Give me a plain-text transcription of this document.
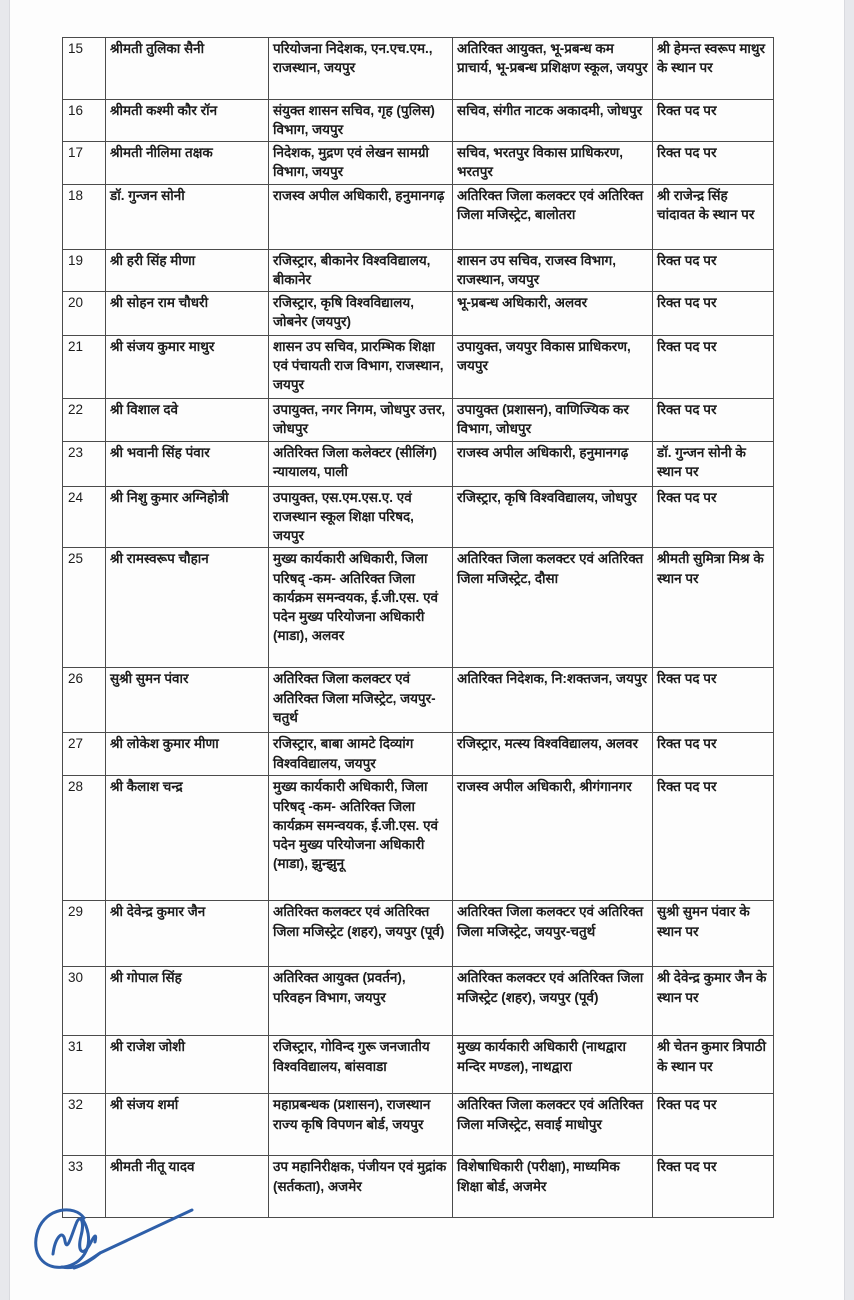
15	श्रीमती तुलिका सैनी	परियोजना निदेशक, एन.एच.एम., राजस्थान, जयपुर	अतिरिक्त आयुक्त, भू-प्रबन्ध कम प्राचार्य, भू-प्रबन्ध प्रशिक्षण स्कूल, जयपुर	श्री हेमन्त स्वरूप माथुर के स्थान पर
16	श्रीमती कश्मी कौर रॉन	संयुक्त शासन सचिव, गृह (पुलिस) विभाग, जयपुर	सचिव, संगीत नाटक अकादमी, जोधपुर	रिक्त पद पर
17	श्रीमती नीलिमा तक्षक	निदेशक, मुद्रण एवं लेखन सामग्री विभाग, जयपुर	सचिव, भरतपुर विकास प्राधिकरण, भरतपुर	रिक्त पद पर
18	डॉ. गुन्जन सोनी	राजस्व अपील अधिकारी, हनुमानगढ़	अतिरिक्त जिला कलक्टर एवं अतिरिक्त जिला मजिस्ट्रेट, बालोतरा	श्री राजेन्द्र सिंह चांदावत के स्थान पर
19	श्री हरी सिंह मीणा	रजिस्ट्रार, बीकानेर विश्वविद्यालय, बीकानेर	शासन उप सचिव, राजस्व विभाग, राजस्थान, जयपुर	रिक्त पद पर
20	श्री सोहन राम चौधरी	रजिस्ट्रार, कृषि विश्वविद्यालय, जोबनेर (जयपुर)	भू-प्रबन्ध अधिकारी, अलवर	रिक्त पद पर
21	श्री संजय कुमार माथुर	शासन उप सचिव, प्रारम्भिक शिक्षा एवं पंचायती राज विभाग, राजस्थान, जयपुर	उपायुक्त, जयपुर विकास प्राधिकरण, जयपुर	रिक्त पद पर
22	श्री विशाल दवे	उपायुक्त, नगर निगम, जोधपुर उत्तर, जोधपुर	उपायुक्त (प्रशासन), वाणिज्यिक कर विभाग, जोधपुर	रिक्त पद पर
23	श्री भवानी सिंह पंवार	अतिरिक्त जिला कलेक्टर (सीलिंग) न्यायालय, पाली	राजस्व अपील अधिकारी, हनुमानगढ़	डॉ. गुन्जन सोनी के स्थान पर
24	श्री निशु कुमार अग्निहोत्री	उपायुक्त, एस.एम.एस.ए. एवं राजस्थान स्कूल शिक्षा परिषद, जयपुर	रजिस्ट्रार, कृषि विश्वविद्यालय, जोधपुर	रिक्त पद पर
25	श्री रामस्वरूप चौहान	मुख्य कार्यकारी अधिकारी, जिला परिषद् -कम- अतिरिक्त जिला कार्यक्रम समन्वयक, ई.जी.एस. एवं पदेन मुख्य परियोजना अधिकारी (माडा), अलवर	अतिरिक्त जिला कलक्टर एवं अतिरिक्त जिला मजिस्ट्रेट, दौसा	श्रीमती सुमित्रा मिश्र के स्थान पर
26	सुश्री सुमन पंवार	अतिरिक्त जिला कलक्टर एवं अतिरिक्त जिला मजिस्ट्रेट, जयपुर-चतुर्थ	अतिरिक्त निदेशक, नि:शक्तजन, जयपुर	रिक्त पद पर
27	श्री लोकेश कुमार मीणा	रजिस्ट्रार, बाबा आमटे दिव्यांग विश्वविद्यालय, जयपुर	रजिस्ट्रार, मत्स्य विश्वविद्यालय, अलवर	रिक्त पद पर
28	श्री कैलाश चन्द्र	मुख्य कार्यकारी अधिकारी, जिला परिषद् -कम- अतिरिक्त जिला कार्यक्रम समन्वयक, ई.जी.एस. एवं पदेन मुख्य परियोजना अधिकारी (माडा), झुन्झुनू	राजस्व अपील अधिकारी, श्रीगंगानगर	रिक्त पद पर
29	श्री देवेन्द्र कुमार जैन	अतिरिक्त कलक्टर एवं अतिरिक्त जिला मजिस्ट्रेट (शहर), जयपुर (पूर्व)	अतिरिक्त जिला कलक्टर एवं अतिरिक्त जिला मजिस्ट्रेट, जयपुर-चतुर्थ	सुश्री सुमन पंवार के स्थान पर
30	श्री गोपाल सिंह	अतिरिक्त आयुक्त (प्रवर्तन), परिवहन विभाग, जयपुर	अतिरिक्त कलक्टर एवं अतिरिक्त जिला मजिस्ट्रेट (शहर), जयपुर (पूर्व)	श्री देवेन्द्र कुमार जैन के स्थान पर
31	श्री राजेश जोशी	रजिस्ट्रार, गोविन्द गुरू जनजातीय विश्वविद्यालय, बांसवाडा	मुख्य कार्यकारी अधिकारी (नाथद्वारा मन्दिर मण्डल), नाथद्वारा	श्री चेतन कुमार त्रिपाठी के स्थान पर
32	श्री संजय शर्मा	महाप्रबन्धक (प्रशासन), राजस्थान राज्य कृषि विपणन बोर्ड, जयपुर	अतिरिक्त जिला कलक्टर एवं अतिरिक्त जिला मजिस्ट्रेट, सवाई माधोपुर	रिक्त पद पर
33	श्रीमती नीतू यादव	उप महानिरीक्षक, पंजीयन एवं मुद्रांक (सर्तकता), अजमेर	विशेषाधिकारी (परीक्षा), माध्यमिक शिक्षा बोर्ड, अजमेर	रिक्त पद पर
